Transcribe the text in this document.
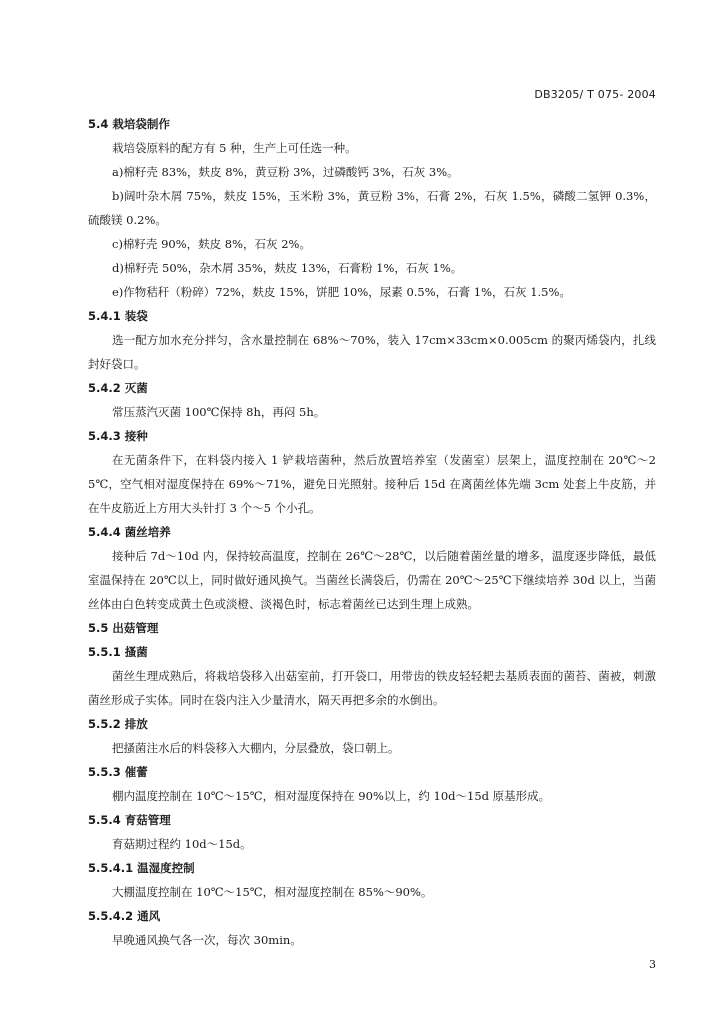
DB3205/ T 075- 2004
5.4 栽培袋制作
栽培袋原料的配方有 5 种，生产上可任选一种。
a)棉籽壳 83%，麸皮 8%，黄豆粉 3%，过磷酸钙 3%，石灰 3%。
b)阔叶杂木屑 75%，麸皮 15%，玉米粉 3%，黄豆粉 3%，石膏 2%，石灰 1.5%，磷酸二氢钾 0.3%，硫酸镁 0.2%。
c)棉籽壳 90%，麸皮 8%，石灰 2%。
d)棉籽壳 50%，杂木屑 35%，麸皮 13%，石膏粉 1%，石灰 1%。
e)作物秸秆（粉碎）72%，麸皮 15%，饼肥 10%，尿素 0.5%，石膏 1%，石灰 1.5%。
5.4.1 装袋
选一配方加水充分拌匀，含水量控制在 68%～70%，装入 17cm×33cm×0.005cm 的聚丙烯袋内，扎线封好袋口。
5.4.2 灭菌
常压蒸汽灭菌 100℃保持 8h，再闷 5h。
5.4.3 接种
在无菌条件下，在料袋内接入 1 铲栽培菌种，然后放置培养室（发菌室）层架上，温度控制在 20℃～25℃，空气相对湿度保持在 69%～71%，避免日光照射。接种后 15d 在离菌丝体先端 3cm 处套上牛皮筋，并在牛皮筋近上方用大头针打 3 个～5 个小孔。
5.4.4 菌丝培养
接种后 7d～10d 内，保持较高温度，控制在 26℃～28℃，以后随着菌丝量的增多，温度逐步降低，最低室温保持在 20℃以上，同时做好通风换气。当菌丝长满袋后，仍需在 20℃～25℃下继续培养 30d 以上，当菌丝体由白色转变成黄土色或淡橙、淡褐色时，标志着菌丝已达到生理上成熟。
5.5 出菇管理
5.5.1 搔菌
菌丝生理成熟后，将栽培袋移入出菇室前，打开袋口，用带齿的铁皮轻轻耙去基质表面的菌苔、菌被，刺激菌丝形成子实体。同时在袋内注入少量清水，隔天再把多余的水倒出。
5.5.2 排放
把搔菌注水后的料袋移入大棚内，分层叠放，袋口朝上。
5.5.3 催蕾
棚内温度控制在 10℃～15℃，相对湿度保持在 90%以上，约 10d～15d 原基形成。
5.5.4 育菇管理
育菇期过程约 10d～15d。
5.5.4.1 温湿度控制
大棚温度控制在 10℃～15℃，相对湿度控制在 85%～90%。
5.5.4.2 通风
早晚通风换气各一次，每次 30min。
3
